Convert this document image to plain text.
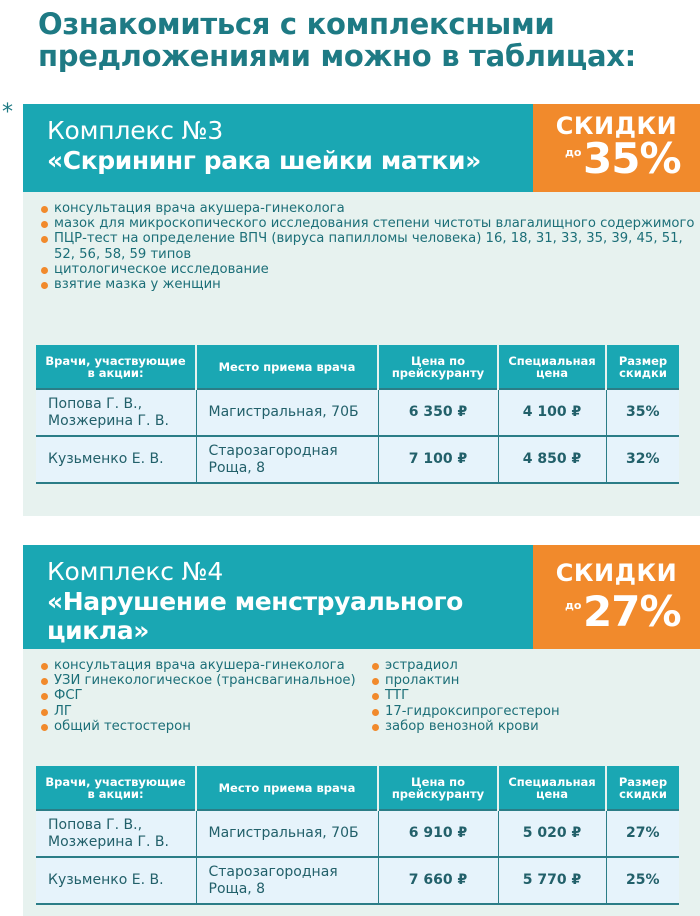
Ознакомиться с комплексными
предложениями можно в таблицах:
*
Комплекс №3
«Скрининг рака шейки матки»
СКИДКИ
до 35%
консультация врача акушера-гинеколога
мазок для микроскопического исследования степени чистоты влагалищного содержимого
ПЦР-тест на определение ВПЧ (вируса папилломы человека) 16, 18, 31, 33, 35, 39, 45, 51, 52, 56, 58, 59 типов
цитологическое исследование
взятие мазка у женщин
Врачи, участвующие в акции:	Место приема врача	Цена по прейскуранту	Специальная цена	Размер скидки
Попова Г. В., Мозжерина Г. В.	Магистральная, 70Б	6 350 ₽	4 100 ₽	35%
Кузьменко Е. В.	Старозагородная Роща, 8	7 100 ₽	4 850 ₽	32%
Комплекс №4
«Нарушение менструального цикла»
СКИДКИ
до 27%
консультация врача акушера-гинеколога
УЗИ гинекологическое (трансвагинальное)
ФСГ
ЛГ
общий тестостерон
эстрадиол
пролактин
ТТГ
17-гидроксипрогестерон
забор венозной крови
Врачи, участвующие в акции:	Место приема врача	Цена по прейскуранту	Специальная цена	Размер скидки
Попова Г. В., Мозжерина Г. В.	Магистральная, 70Б	6 910 ₽	5 020 ₽	27%
Кузьменко Е. В.	Старозагородная Роща, 8	7 660 ₽	5 770 ₽	25%
